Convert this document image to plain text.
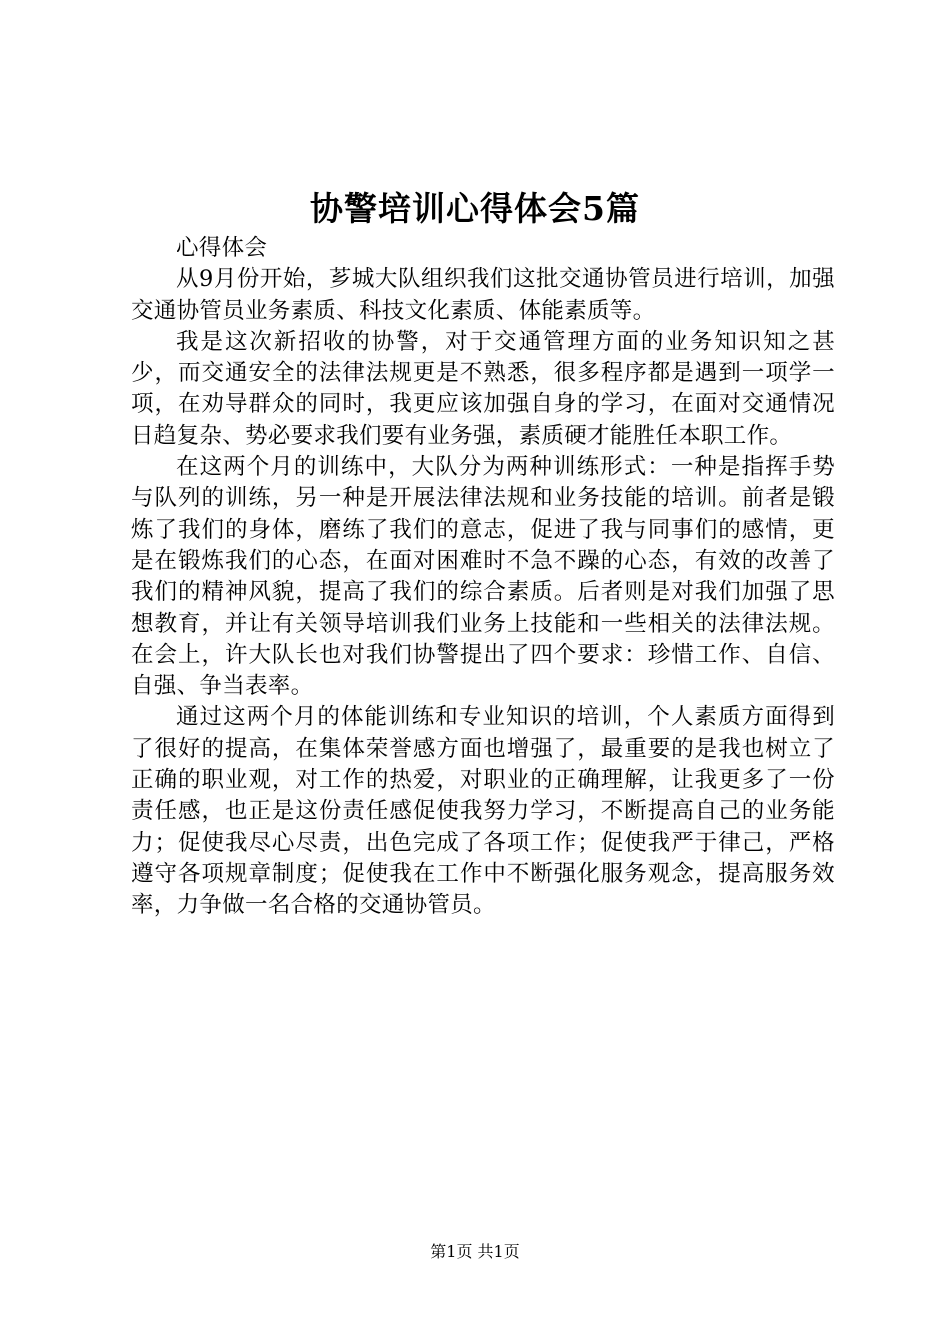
协警培训心得体会5篇

心得体会

从9月份开始，芗城大队组织我们这批交通协管员进行培训，加强交通协管员业务素质、科技文化素质、体能素质等。

我是这次新招收的协警，对于交通管理方面的业务知识知之甚少，而交通安全的法律法规更是不熟悉，很多程序都是遇到一项学一项，在劝导群众的同时，我更应该加强自身的学习，在面对交通情况日趋复杂、势必要求我们要有业务强，素质硬才能胜任本职工作。

在这两个月的训练中，大队分为两种训练形式：一种是指挥手势与队列的训练，另一种是开展法律法规和业务技能的培训。前者是锻炼了我们的身体，磨练了我们的意志，促进了我与同事们的感情，更是在锻炼我们的心态，在面对困难时不急不躁的心态，有效的改善了我们的精神风貌，提高了我们的综合素质。后者则是对我们加强了思想教育，并让有关领导培训我们业务上技能和一些相关的法律法规。在会上，许大队长也对我们协警提出了四个要求：珍惜工作、自信、自强、争当表率。

通过这两个月的体能训练和专业知识的培训，个人素质方面得到了很好的提高，在集体荣誉感方面也增强了，最重要的是我也树立了正确的职业观，对工作的热爱，对职业的正确理解，让我更多了一份责任感，也正是这份责任感促使我努力学习，不断提高自己的业务能力；促使我尽心尽责，出色完成了各项工作；促使我严于律己，严格遵守各项规章制度；促使我在工作中不断强化服务观念，提高服务效率，力争做一名合格的交通协管员。

第1页 共1页
